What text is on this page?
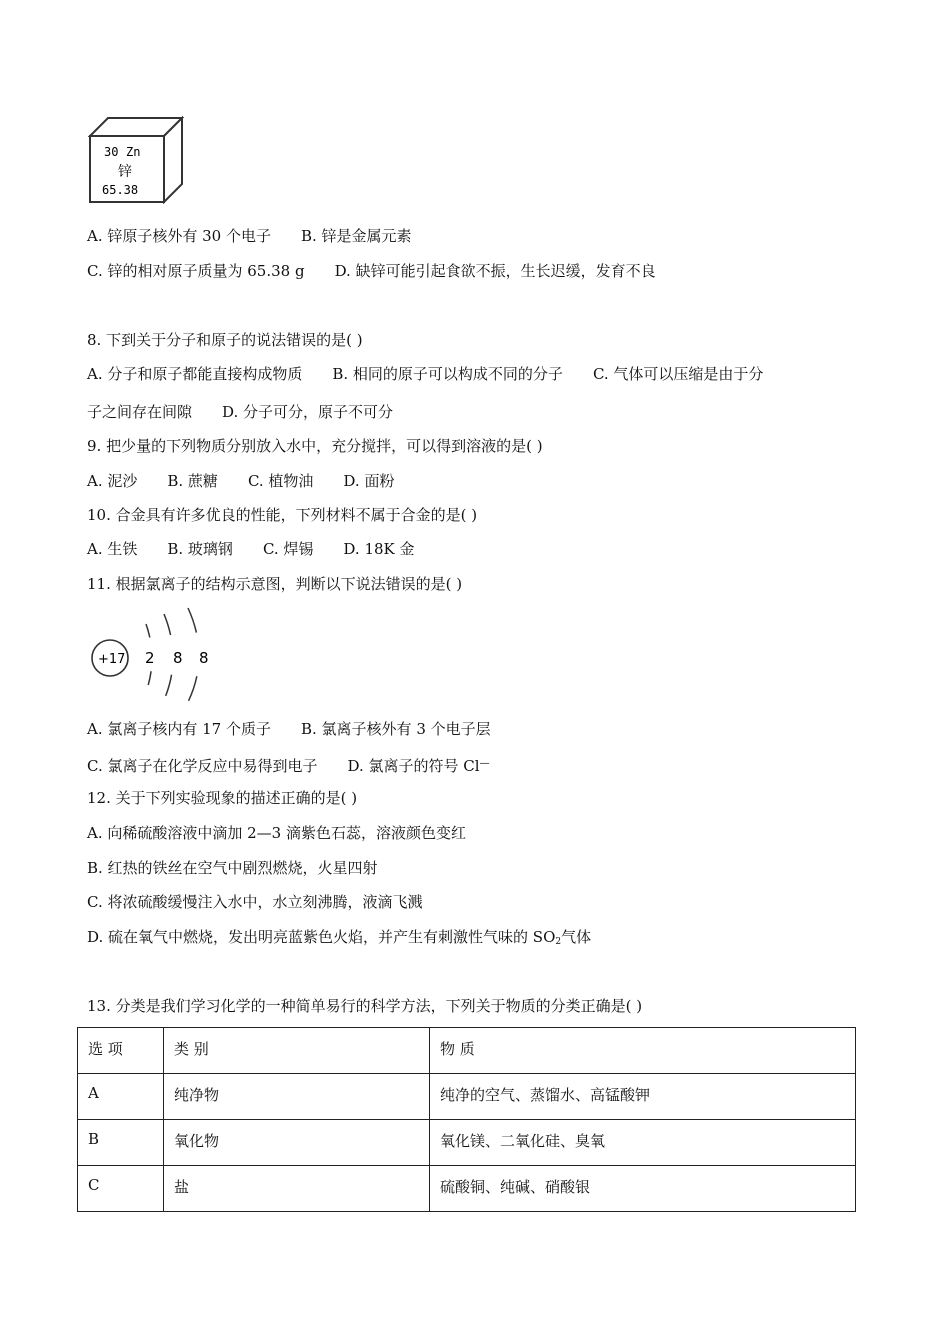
30 Zn
锌
65.38
A. 锌原子核外有 30 个电子 B. 锌是金属元素
C. 锌的相对原子质量为 65.38 g D. 缺锌可能引起食欲不振，生长迟缓，发育不良
8. 下到关于分子和原子的说法错误的是( )
A. 分子和原子都能直接构成物质 B. 相同的原子可以构成不同的分子 C. 气体可以压缩是由于分
子之间存在间隙 D. 分子可分，原子不可分
9. 把少量的下列物质分别放入水中，充分搅拌，可以得到溶液的是( )
A. 泥沙 B. 蔗糖 C. 植物油 D. 面粉
10. 合金具有许多优良的性能，下列材料不属于合金的是( )
A. 生铁 B. 玻璃钢 C. 焊锡 D. 18K 金
11. 根据氯离子的结构示意图，判断以下说法错误的是( )
+17 2 8 8
A. 氯离子核内有 17 个质子 B. 氯离子核外有 3 个电子层
C. 氯离子在化学反应中易得到电子 D. 氯离子的符号 Cl—
12. 关于下列实验现象的描述正确的是( )
A. 向稀硫酸溶液中滴加 2—3 滴紫色石蕊，溶液颜色变红
B. 红热的铁丝在空气中剧烈燃烧，火星四射
C. 将浓硫酸缓慢注入水中，水立刻沸腾，液滴飞溅
D. 硫在氧气中燃烧，发出明亮蓝紫色火焰，并产生有刺激性气味的 $SO_2$气体
13. 分类是我们学习化学的一种简单易行的科学方法，下列关于物质的分类正确是( )
选 项	类 别	物 质
A	纯净物	纯净的空气、蒸馏水、高锰酸钾
B	氧化物	氧化镁、二氧化硅、臭氧
C	盐	硫酸铜、纯碱、硝酸银
